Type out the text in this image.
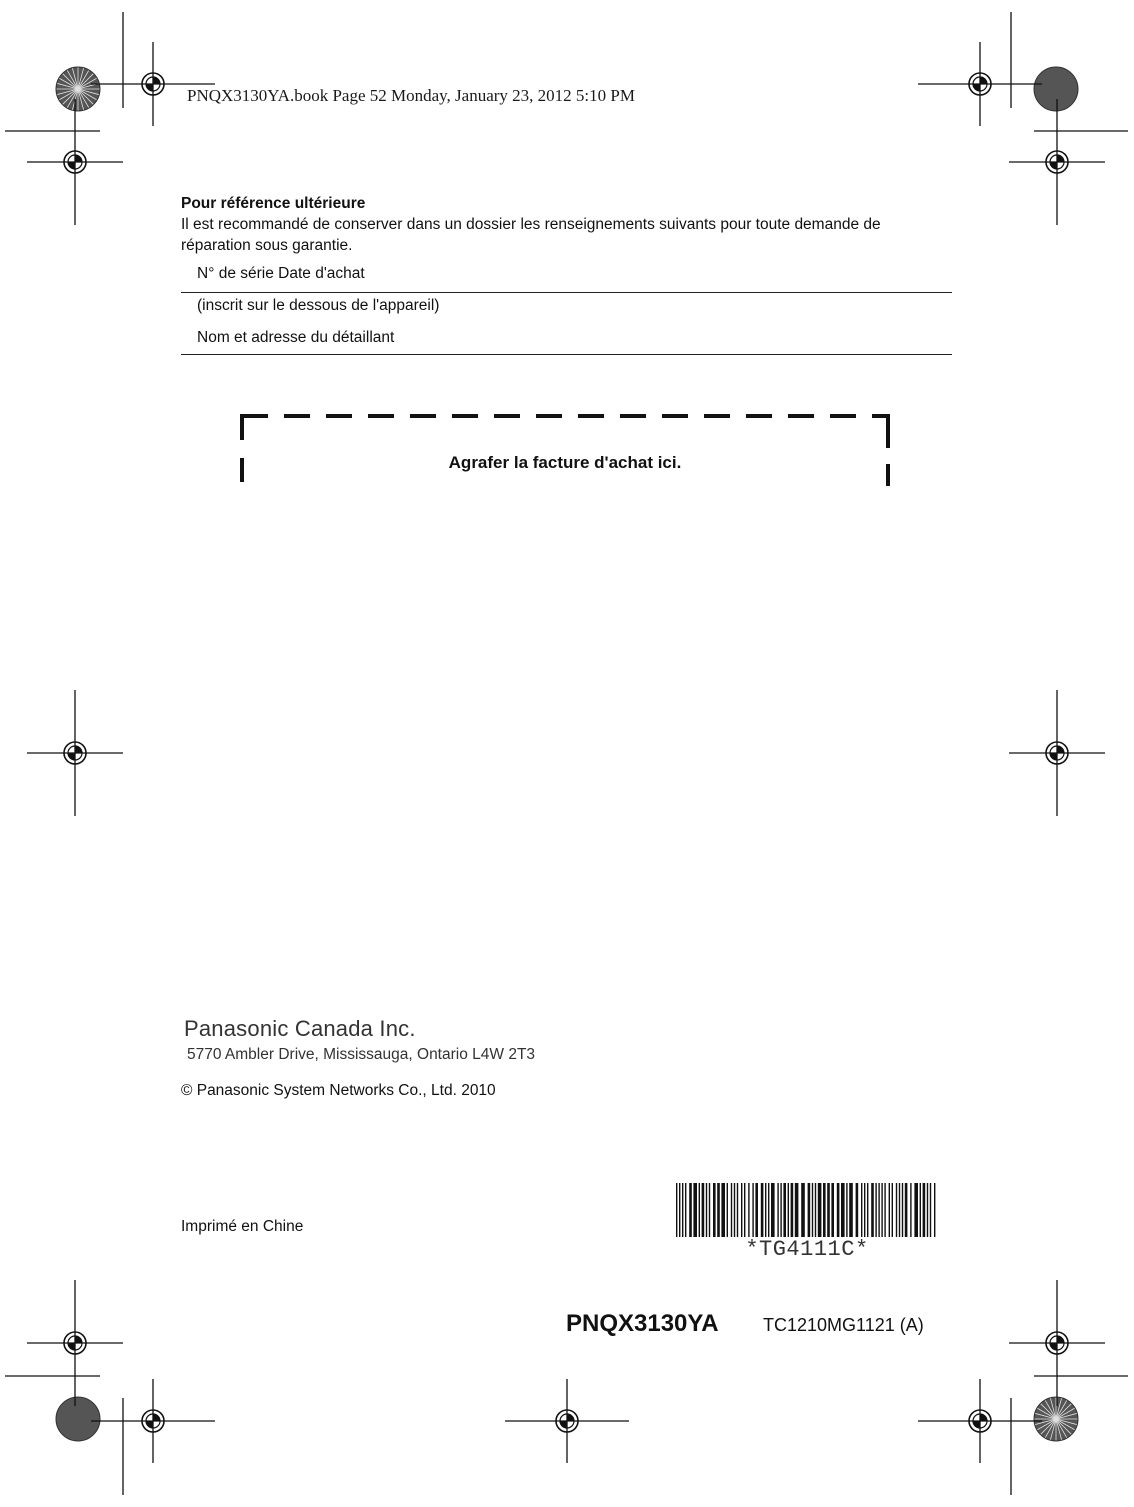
PNQX3130YA.book Page 52 Monday, January 23, 2012 5:10 PM
Pour référence ultérieure
Il est recommandé de conserver dans un dossier les renseignements suivants pour toute demande de réparation sous garantie.
N° de série Date d'achat
(inscrit sur le dessous de l'appareil)
Nom et adresse du détaillant
Agrafer la facture d'achat ici.
Panasonic Canada Inc.
5770 Ambler Drive, Mississauga, Ontario L4W 2T3
© Panasonic System Networks Co., Ltd. 2010
Imprimé en Chine
*TG4111C*
PNQX3130YA TC1210MG1121 (A)
